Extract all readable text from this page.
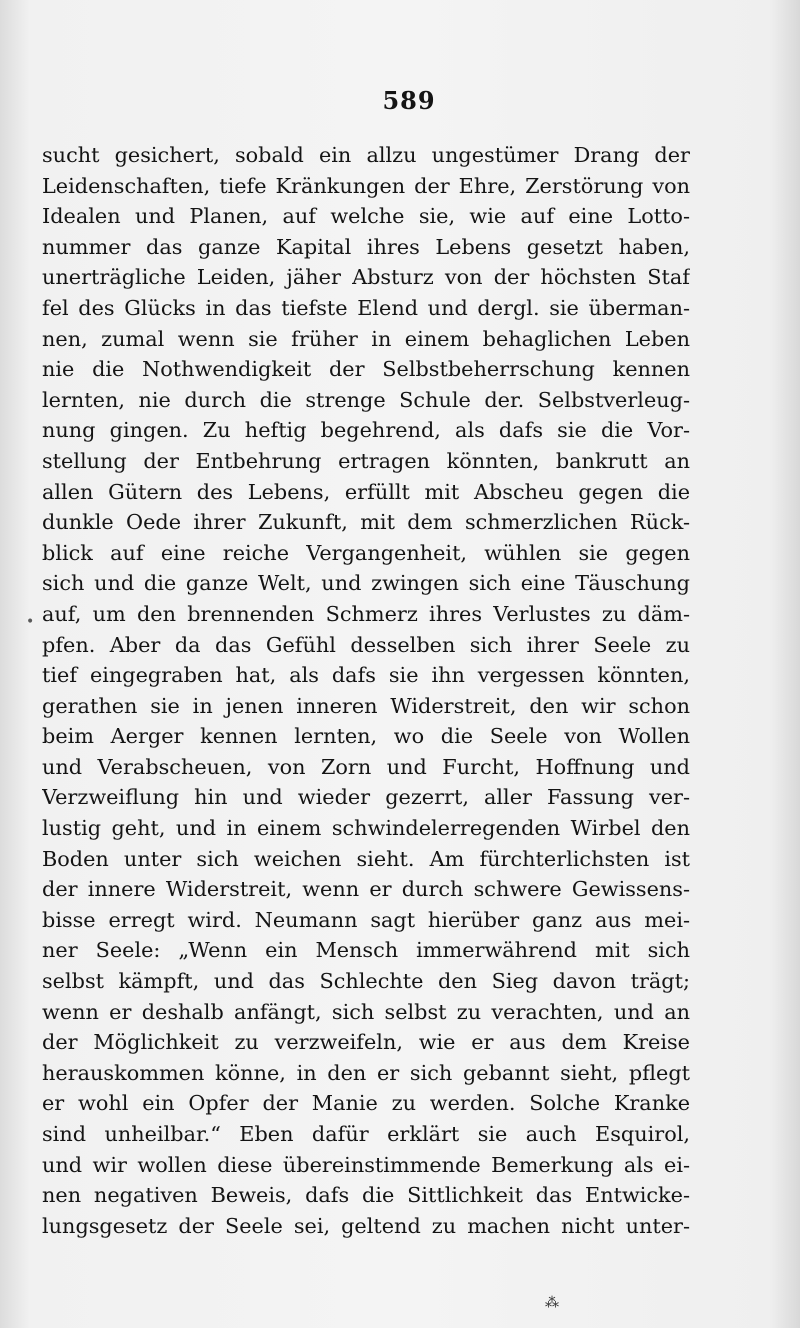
589
•
sucht gesichert, sobald ein allzu ungestümer Drang der
Leidenschaften, tiefe Kränkungen der Ehre, Zerstörung von
Idealen und Planen, auf welche sie, wie auf eine Lotto-
nummer das ganze Kapital ihres Lebens gesetzt haben,
unerträgliche Leiden, jäher Absturz von der höchsten Staf
fel des Glücks in das tiefste Elend und dergl. sie überman-
nen, zumal wenn sie früher in einem behaglichen Leben
nie die Nothwendigkeit der Selbstbeherrschung kennen
lernten, nie durch die strenge Schule der. Selbstverleug-
nung gingen. Zu heftig begehrend, als dafs sie die Vor-
stellung der Entbehrung ertragen könnten, bankrutt an
allen Gütern des Lebens, erfüllt mit Abscheu gegen die
dunkle Oede ihrer Zukunft, mit dem schmerzlichen Rück-
blick auf eine reiche Vergangenheit, wühlen sie gegen
sich und die ganze Welt, und zwingen sich eine Täuschung
auf, um den brennenden Schmerz ihres Verlustes zu däm-
pfen. Aber da das Gefühl desselben sich ihrer Seele zu
tief eingegraben hat, als dafs sie ihn vergessen könnten,
gerathen sie in jenen inneren Widerstreit, den wir schon
beim Aerger kennen lernten, wo die Seele von Wollen
und Verabscheuen, von Zorn und Furcht, Hoffnung und
Verzweiflung hin und wieder gezerrt, aller Fassung ver-
lustig geht, und in einem schwindelerregenden Wirbel den
Boden unter sich weichen sieht. Am fürchterlichsten ist
der innere Widerstreit, wenn er durch schwere Gewissens-
bisse erregt wird. Neumann sagt hierüber ganz aus mei-
ner Seele: „Wenn ein Mensch immerwährend mit sich
selbst kämpft, und das Schlechte den Sieg davon trägt;
wenn er deshalb anfängt, sich selbst zu verachten, und an
der Möglichkeit zu verzweifeln, wie er aus dem Kreise
herauskommen könne, in den er sich gebannt sieht, pflegt
er wohl ein Opfer der Manie zu werden. Solche Kranke
sind unheilbar.“ Eben dafür erklärt sie auch Esquirol,
und wir wollen diese übereinstimmende Bemerkung als ei-
nen negativen Beweis, dafs die Sittlichkeit das Entwicke-
lungsgesetz der Seele sei, geltend zu machen nicht unter-
⁂
